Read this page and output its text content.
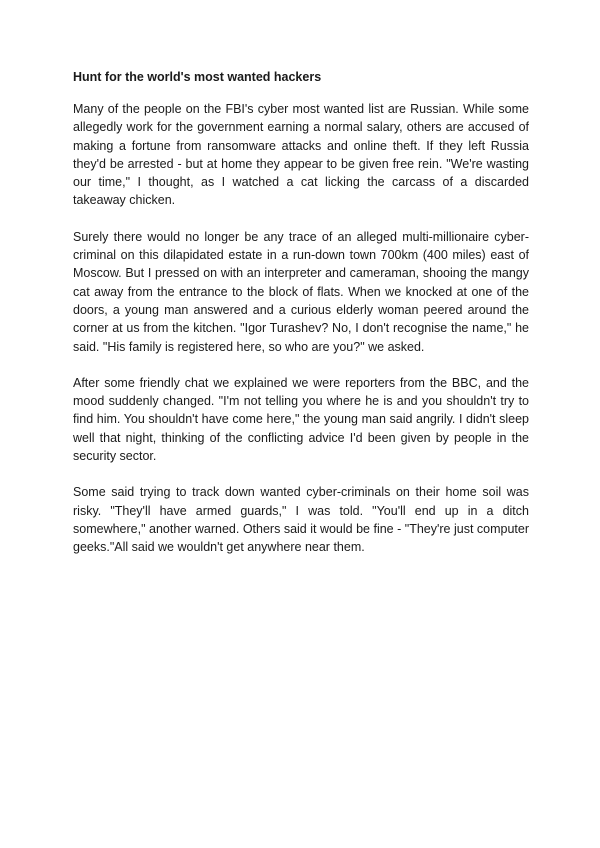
Hunt for the world's most wanted hackers

Many of the people on the FBI's cyber most wanted list are Russian. While some allegedly work for the government earning a normal salary, others are accused of making a fortune from ransomware attacks and online theft. If they left Russia they'd be arrested - but at home they appear to be given free rein. "We're wasting our time," I thought, as I watched a cat licking the carcass of a discarded takeaway chicken.

Surely there would no longer be any trace of an alleged multi-millionaire cyber-criminal on this dilapidated estate in a run-down town 700km (400 miles) east of Moscow. But I pressed on with an interpreter and cameraman, shooing the mangy cat away from the entrance to the block of flats. When we knocked at one of the doors, a young man answered and a curious elderly woman peered around the corner at us from the kitchen. "Igor Turashev? No, I don't recognise the name," he said. "His family is registered here, so who are you?" we asked.

After some friendly chat we explained we were reporters from the BBC, and the mood suddenly changed. "I'm not telling you where he is and you shouldn't try to find him. You shouldn't have come here," the young man said angrily. I didn't sleep well that night, thinking of the conflicting advice I'd been given by people in the security sector.

Some said trying to track down wanted cyber-criminals on their home soil was risky. "They'll have armed guards," I was told. "You'll end up in a ditch somewhere," another warned. Others said it would be fine - "They're just computer geeks."All said we wouldn't get anywhere near them.
